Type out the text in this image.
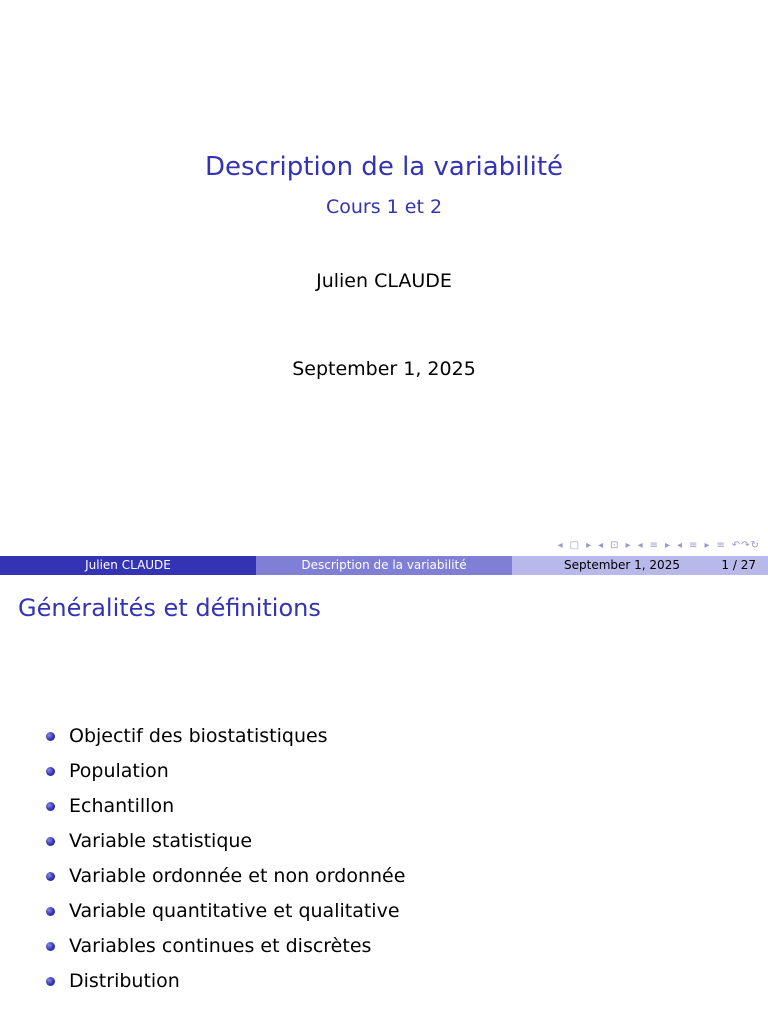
Description de la variabilité
Cours 1 et 2
Julien CLAUDE
September 1, 2025
◂ □ ▸ ◂ ⊡ ▸ ◂ ≡ ▸ ◂ ≡ ▸ ≡ ↶↷↻
Julien CLAUDE	Description de la variabilité	September 1, 2025	1 / 27
Généralités et définitions
Objectif des biostatistiques
Population
Echantillon
Variable statistique
Variable ordonnée et non ordonnée
Variable quantitative et qualitative
Variables continues et discrètes
Distribution
